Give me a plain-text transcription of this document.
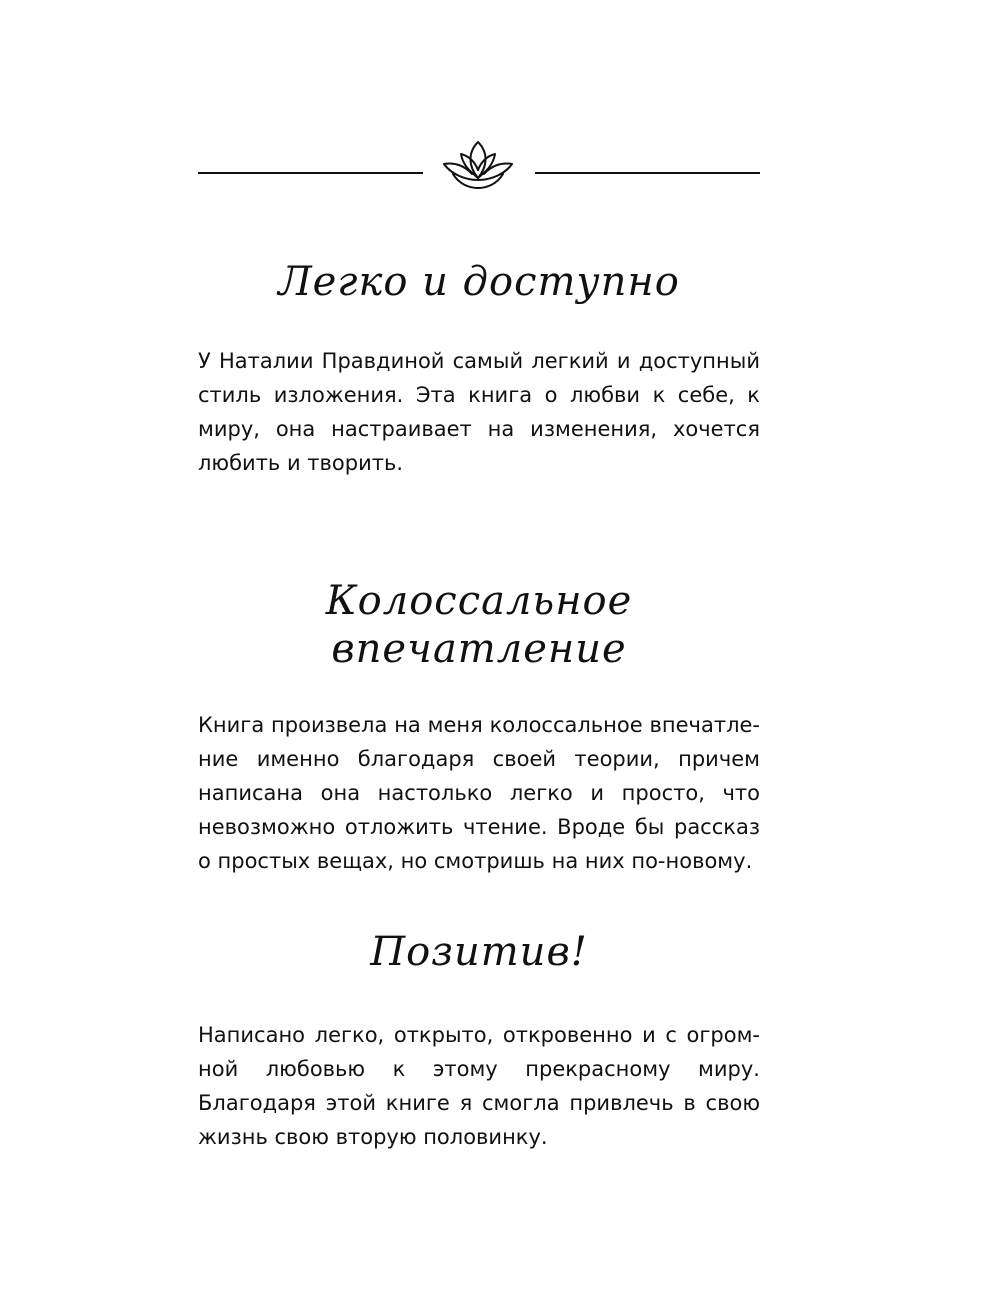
Легко и доступно

У Наталии Правдиной самый легкий и доступный стиль изложения. Эта книга о любви к себе, к миру, она настраивает на изменения, хочется любить и творить.

Колоссальное впечатление

Книга произвела на меня колоссальное впечатление именно благодаря своей теории, причем написана она настолько легко и просто, что невозможно отложить чтение. Вроде бы рассказ о простых вещах, но смотришь на них по-новому.

Позитив!

Написано легко, открыто, откровенно и с огромной любовью к этому прекрасному миру. Благодаря этой книге я смогла привлечь в свою жизнь свою вторую половинку.
